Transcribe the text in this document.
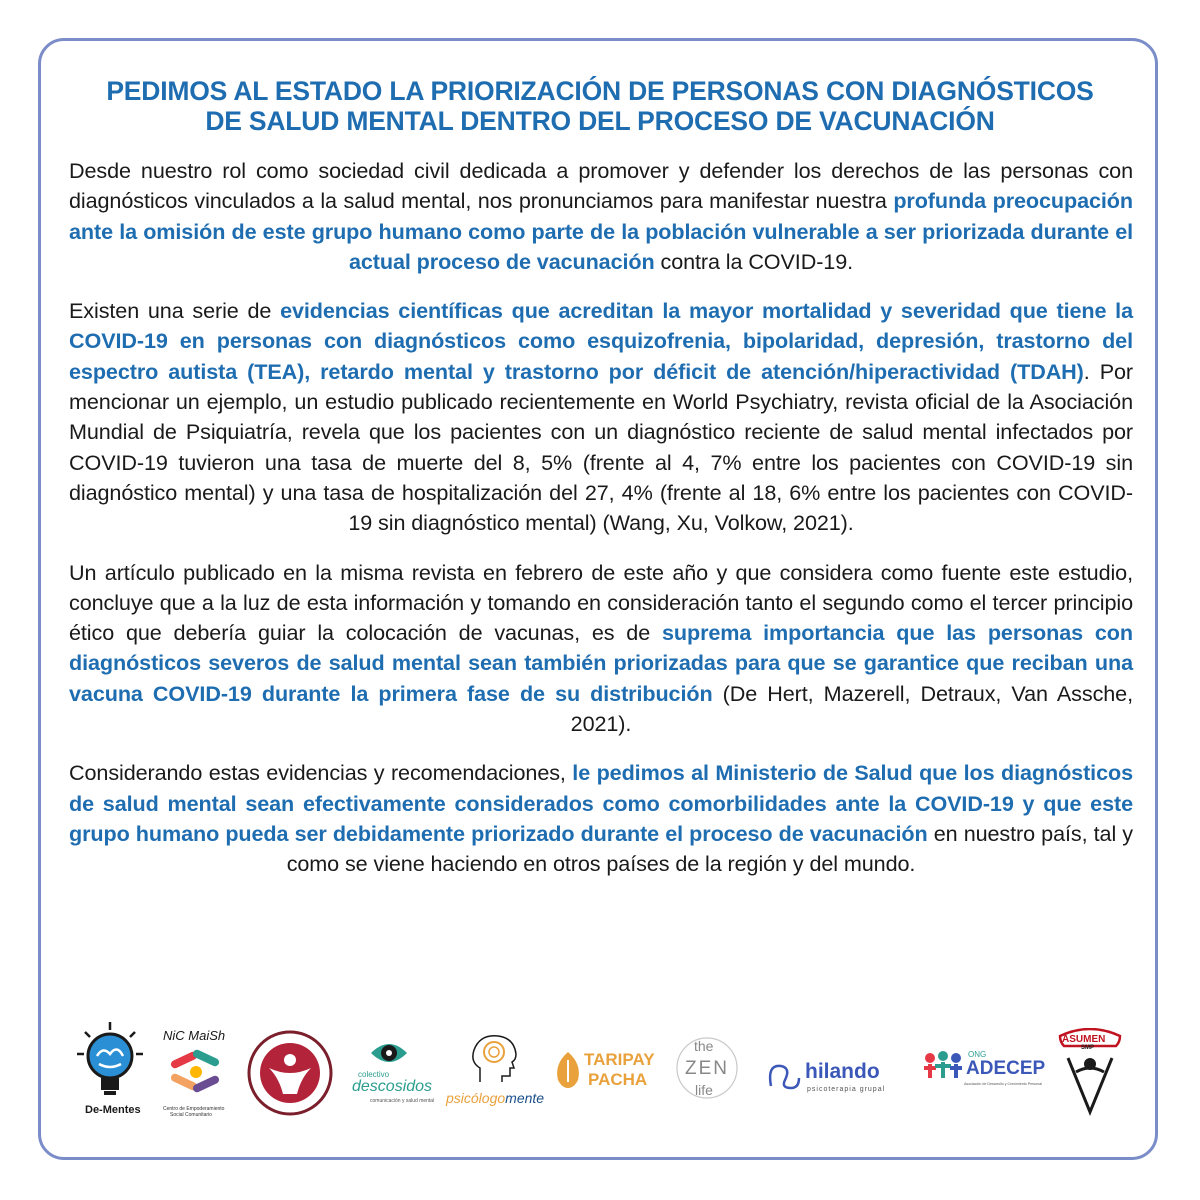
PEDIMOS AL ESTADO LA PRIORIZACIÓN DE PERSONAS CON DIAGNÓSTICOS
DE SALUD MENTAL DENTRO DEL PROCESO DE VACUNACIÓN

Desde nuestro rol como sociedad civil dedicada a promover y defender los derechos de las personas con diagnósticos vinculados a la salud mental, nos pronunciamos para manifestar nuestra profunda preocupación ante la omisión de este grupo humano como parte de la población vulnerable a ser priorizada durante el actual proceso de vacunación contra la COVID-19.

Existen una serie de evidencias científicas que acreditan la mayor mortalidad y severidad que tiene la COVID-19 en personas con diagnósticos como esquizofrenia, bipolaridad, depresión, trastorno del espectro autista (TEA), retardo mental y trastorno por déficit de atención/hiperactividad (TDAH). Por mencionar un ejemplo, un estudio publicado recientemente en World Psychiatry, revista oficial de la Asociación Mundial de Psiquiatría, revela que los pacientes con un diagnóstico reciente de salud mental infectados por COVID-19 tuvieron una tasa de muerte del 8, 5% (frente al 4, 7% entre los pacientes con COVID-19 sin diagnóstico mental) y una tasa de hospitalización del 27, 4% (frente al 18, 6% entre los pacientes con COVID-19 sin diagnóstico mental) (Wang, Xu, Volkow, 2021).

Un artículo publicado en la misma revista en febrero de este año y que considera como fuente este estudio, concluye que a la luz de esta información y tomando en consideración tanto el segundo como el tercer principio ético que debería guiar la colocación de vacunas, es de suprema importancia que las personas con diagnósticos severos de salud mental sean también priorizadas para que se garantice que reciban una vacuna COVID-19 durante la primera fase de su distribución (De Hert, Mazerell, Detraux, Van Assche, 2021).

Considerando estas evidencias y recomendaciones, le pedimos al Ministerio de Salud que los diagnósticos de salud mental sean efectivamente considerados como comorbilidades ante la COVID-19 y que este grupo humano pueda ser debidamente priorizado durante el proceso de vacunación en nuestro país, tal y como se viene haciendo en otros países de la región y del mundo.

De-Mentes
NiC MaiSh
Centro de Empoderamiento
Social Comunitario
colectivo
descosidos
comunicación y salud mental psicólogomente
TARIPAY
PACHA
the
ZEN
life
hilando
psicoterapia grupal
ONG
ADECEP
Asociación de Desarrollo y Crecimiento Personal
ASUMEN
SMP
